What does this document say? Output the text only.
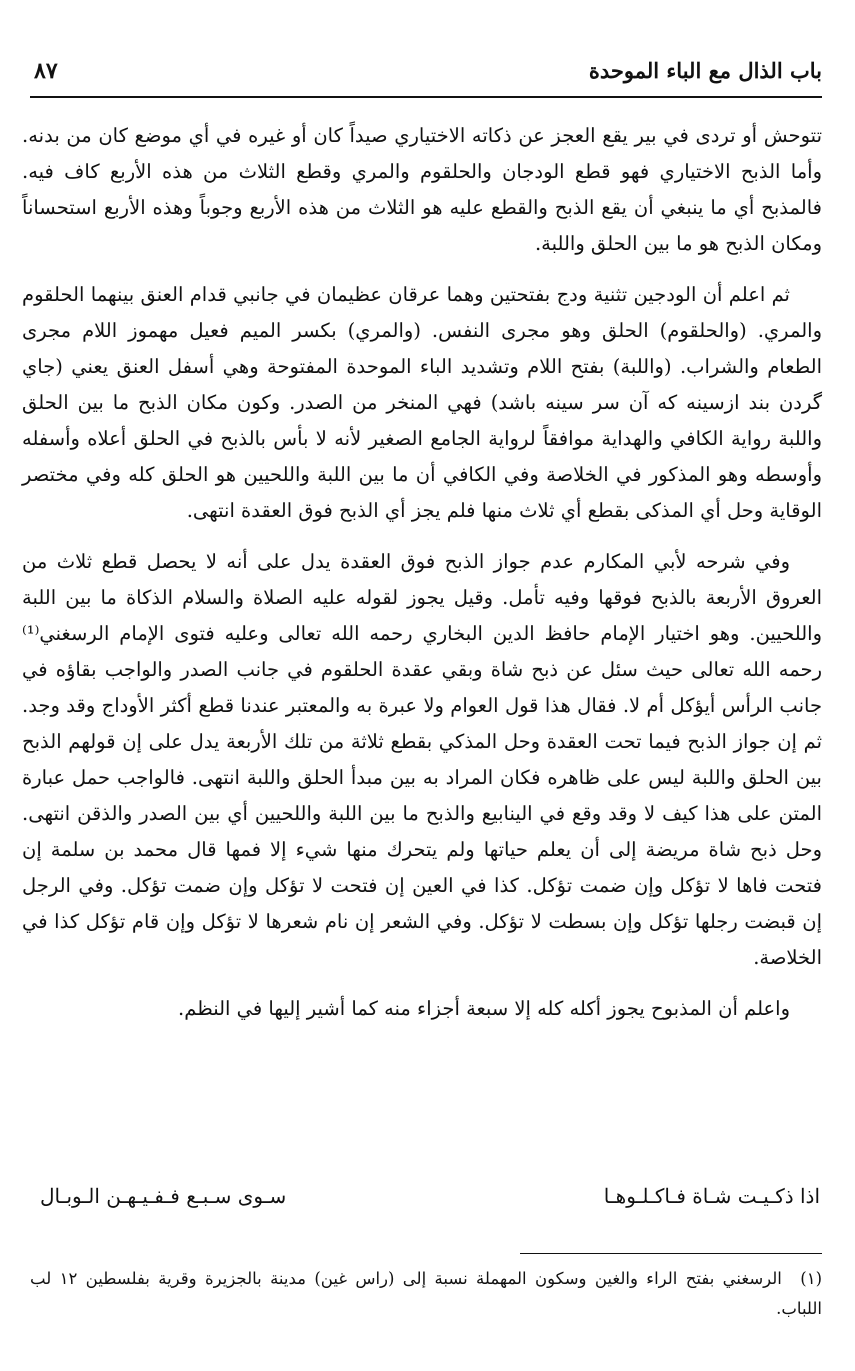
باب الذال مع الباء الموحدة
٨٧

تتوحش أو تردى في بير يقع العجز عن ذكاته الاختياري صيداً كان أو غيره في أي موضع كان من بدنه. وأما الذبح الاختياري فهو قطع الودجان والحلقوم والمري وقطع الثلاث من هذه الأربع كاف فيه. فالمذبح أي ما ينبغي أن يقع الذبح والقطع عليه هو الثلاث من هذه الأربع وجوباً وهذه الأربع استحساناً ومكان الذبح هو ما بين الحلق واللبة.

ثم اعلم أن الودجين تثنية ودج بفتحتين وهما عرقان عظيمان في جانبي قدام العنق بينهما الحلقوم والمري. (والحلقوم) الحلق وهو مجرى النفس. (والمري) بكسر الميم فعيل مهموز اللام مجرى الطعام والشراب. (واللبة) بفتح اللام وتشديد الباء الموحدة المفتوحة وهي أسفل العنق يعني (جاي گردن بند ازسينه كه آن سر سينه باشد) فهي المنخر من الصدر. وكون مكان الذبح ما بين الحلق واللبة رواية الكافي والهداية موافقاً لرواية الجامع الصغير لأنه لا بأس بالذبح في الحلق أعلاه وأسفله وأوسطه وهو المذكور في الخلاصة وفي الكافي أن ما بين اللبة واللحيين هو الحلق كله وفي مختصر الوقاية وحل أي المذكى بقطع أي ثلاث منها فلم يجز أي الذبح فوق العقدة انتهى.

وفي شرحه لأبي المكارم عدم جواز الذبح فوق العقدة يدل على أنه لا يحصل قطع ثلاث من العروق الأربعة بالذبح فوقها وفيه تأمل. وقيل يجوز لقوله عليه الصلاة والسلام الذكاة ما بين اللبة واللحيين. وهو اختيار الإمام حافظ الدين البخاري رحمه الله تعالى وعليه فتوى الإمام الرسغني⁽¹⁾ رحمه الله تعالى حيث سئل عن ذبح شاة وبقي عقدة الحلقوم في جانب الصدر والواجب بقاؤه في جانب الرأس أيؤكل أم لا. فقال هذا قول العوام ولا عبرة به والمعتبر عندنا قطع أكثر الأوداج وقد وجد. ثم إن جواز الذبح فيما تحت العقدة وحل المذكي بقطع ثلاثة من تلك الأربعة يدل على إن قولهم الذبح بين الحلق واللبة ليس على ظاهره فكان المراد به بين مبدأ الحلق واللبة انتهى. فالواجب حمل عبارة المتن على هذا كيف لا وقد وقع في الينابيع والذبح ما بين اللبة واللحيين أي بين الصدر والذقن انتهى. وحل ذبح شاة مريضة إلى أن يعلم حياتها ولم يتحرك منها شيء إلا فمها قال محمد بن سلمة إن فتحت فاها لا تؤكل وإن ضمت تؤكل. كذا في العين إن فتحت لا تؤكل وإن ضمت تؤكل. وفي الرجل إن قبضت رجلها تؤكل وإن بسطت لا تؤكل. وفي الشعر إن نام شعرها لا تؤكل وإن قام تؤكل كذا في الخلاصة.

واعلم أن المذبوح يجوز أكله كله إلا سبعة أجزاء منه كما أشير إليها في النظم.

اذا ذكـيـت شـاة فـاكـلـوهـا
سـوى سـبـع فـفـيـهـن الـوبـال
(١) الرسغني بفتح الراء والغين وسكون المهملة نسبة إلى (راس غين) مدينة بالجزيرة وقرية بفلسطين ١٢ لب اللباب.
